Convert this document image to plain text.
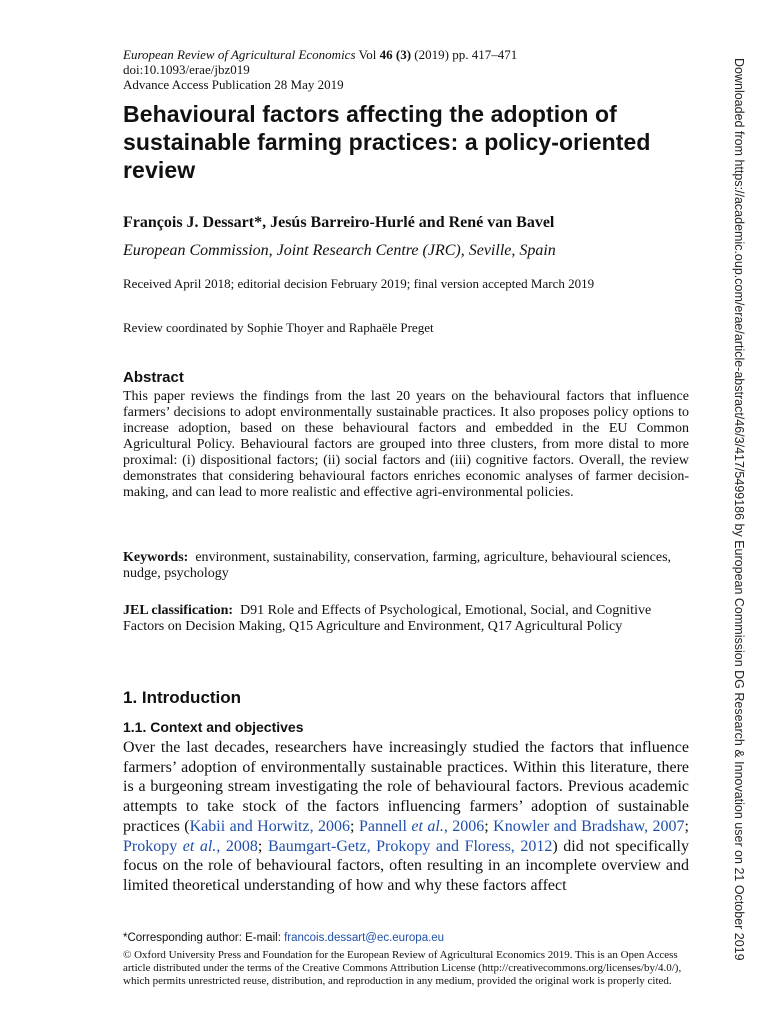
European Review of Agricultural Economics Vol 46 (3) (2019) pp. 417–471
doi:10.1093/erae/jbz019
Advance Access Publication 28 May 2019
Behavioural factors affecting the adoption of sustainable farming practices: a policy-oriented review
François J. Dessart*, Jesús Barreiro-Hurlé and René van Bavel
European Commission, Joint Research Centre (JRC), Seville, Spain
Received April 2018; editorial decision February 2019; final version accepted March 2019
Review coordinated by Sophie Thoyer and Raphaële Preget
Abstract

This paper reviews the findings from the last 20 years on the behavioural factors that influence farmers’ decisions to adopt environmentally sustainable practices. It also proposes policy options to increase adoption, based on these behavioural factors and embedded in the EU Common Agricultural Policy. Behavioural factors are grouped into three clusters, from more distal to more proximal: (i) dispositional factors; (ii) social factors and (iii) cognitive factors. Overall, the review demonstrates that considering behavioural factors enriches economic analyses of farmer decision-making, and can lead to more realistic and effective agri-environmental policies.

Keywords: environment, sustainability, conservation, farming, agriculture, behavioural sciences, nudge, psychology

JEL classification: D91 Role and Effects of Psychological, Emotional, Social, and Cognitive Factors on Decision Making, Q15 Agriculture and Environment, Q17 Agricultural Policy

1. Introduction
1.1. Context and objectives

Over the last decades, researchers have increasingly studied the factors that influence farmers’ adoption of environmentally sustainable practices. Within this literature, there is a burgeoning stream investigating the role of behavioural factors. Previous academic attempts to take stock of the factors influencing farmers’ adoption of sustainable practices (Kabii and Horwitz, 2006; Pannell et al., 2006; Knowler and Bradshaw, 2007; Prokopy et al., 2008; Baumgart-Getz, Prokopy and Floress, 2012) did not specifically focus on the role of behavioural factors, often resulting in an incomplete overview and limited theoretical understanding of how and why these factors affect

*Corresponding author: E-mail: francois.dessart@ec.europa.eu

© Oxford University Press and Foundation for the European Review of Agricultural Economics 2019. This is an Open Access article distributed under the terms of the Creative Commons Attribution License (http://creativecommons.org/licenses/by/4.0/), which permits unrestricted reuse, distribution, and reproduction in any medium, provided the original work is properly cited.

Downloaded from https://academic.oup.com/erae/article-abstract/46/3/417/5499186 by European Commission DG Research & Innovation user on 21 October 2019
